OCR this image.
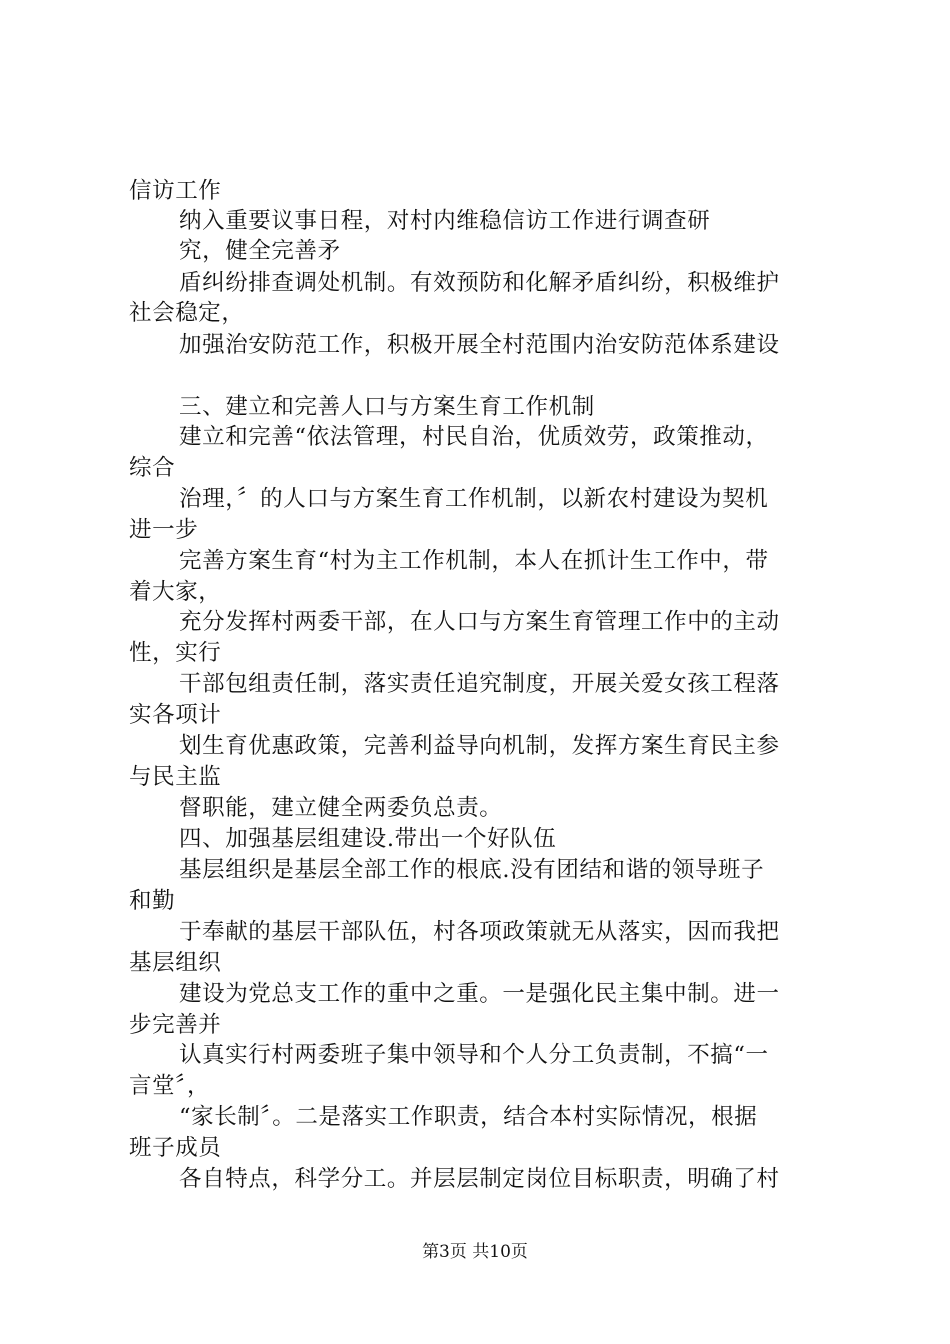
信访工作
纳入重要议事日程，对村内维稳信访工作进行调查研
究，健全完善矛
盾纠纷排查调处机制。有效预防和化解矛盾纠纷，积极维护
社会稳定，
加强治安防范工作，积极开展全村范围内治安防范体系建设
三、建立和完善人口与方案生育工作机制
建立和完善“依法管理，村民自治，优质效劳，政策推动，
综合
治理，〞的人口与方案生育工作机制，以新农村建设为契机
进一步
完善方案生育“村为主工作机制，本人在抓计生工作中，带
着大家，
充分发挥村两委干部，在人口与方案生育管理工作中的主动
性，实行
干部包组责任制，落实责任追究制度，开展关爱女孩工程落
实各项计
划生育优惠政策，完善利益导向机制，发挥方案生育民主参
与民主监
督职能，建立健全两委负总责。
四、加强基层组建设.带出一个好队伍
基层组织是基层全部工作的根底.没有团结和谐的领导班子
和勤
于奉献的基层干部队伍，村各项政策就无从落实，因而我把
基层组织
建设为党总支工作的重中之重。一是强化民主集中制。进一
步完善并
认真实行村两委班子集中领导和个人分工负责制，不搞“一
言堂〞，
“家长制〞。二是落实工作职责，结合本村实际情况，根据
班子成员
各自特点，科学分工。并层层制定岗位目标职责，明确了村
第3页 共10页
